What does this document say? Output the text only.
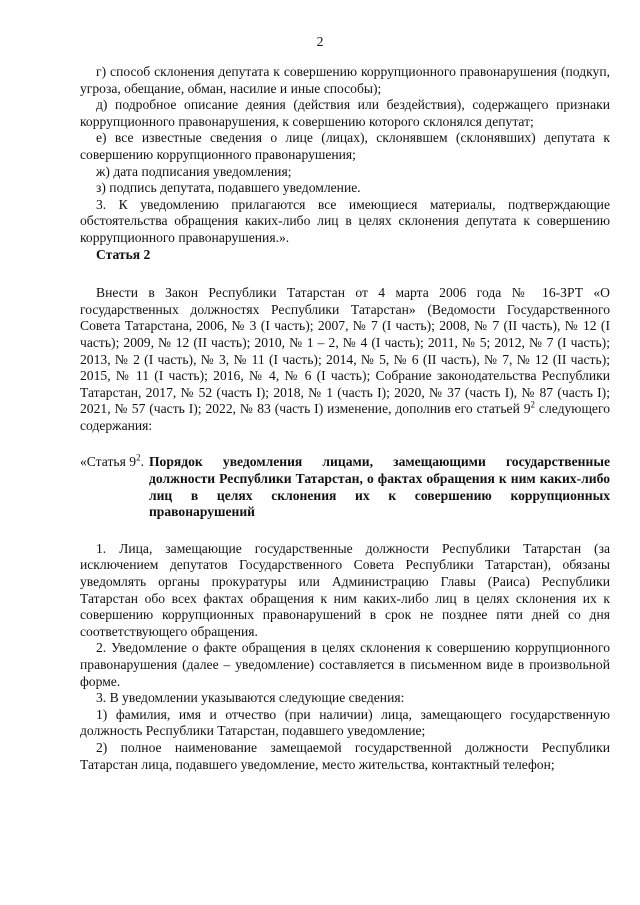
2

г) способ склонения депутата к совершению коррупционного правонарушения (подкуп, угроза, обещание, обман, насилие и иные способы);

д) подробное описание деяния (действия или бездействия), содержащего признаки коррупционного правонарушения, к совершению которого склонялся депутат;

е) все известные сведения о лице (лицах), склонявшем (склонявших) депутата к совершению коррупционного правонарушения;

ж) дата подписания уведомления;

з) подпись депутата, подавшего уведомление.

3. К уведомлению прилагаются все имеющиеся материалы, подтверждающие обстоятельства обращения каких-либо лиц в целях склонения депутата к совершению коррупционного правонарушения.».

Статья 2

Внести в Закон Республики Татарстан от 4 марта 2006 года № 16-ЗРТ «О государственных должностях Республики Татарстан» (Ведомости Государственного Совета Татарстана, 2006, № 3 (I часть); 2007, № 7 (I часть); 2008, № 7 (II часть), № 12 (I часть); 2009, № 12 (II часть); 2010, № 1 – 2, № 4 (I часть); 2011, № 5; 2012, № 7 (I часть); 2013, № 2 (I часть), № 3, № 11 (I часть); 2014, № 5, № 6 (II часть), № 7, № 12 (II часть); 2015, № 11 (I часть); 2016, № 4, № 6 (I часть); Собрание законодательства Республики Татарстан, 2017, № 52 (часть I); 2018, № 1 (часть I); 2020, № 37 (часть I), № 87 (часть I); 2021, № 57 (часть I); 2022, № 83 (часть I) изменение, дополнив его статьей $9^2$ следующего содержания:

«Статья $9^2$. Порядок уведомления лицами, замещающими государственные должности Республики Татарстан, о фактах обращения к ним каких-либо лиц в целях склонения их к совершению коррупционных правонарушений

1. Лица, замещающие государственные должности Республики Татарстан (за исключением депутатов Государственного Совета Республики Татарстан), обязаны уведомлять органы прокуратуры или Администрацию Главы (Раиса) Республики Татарстан обо всех фактах обращения к ним каких-либо лиц в целях склонения их к совершению коррупционных правонарушений в срок не позднее пяти дней со дня соответствующего обращения.

2. Уведомление о факте обращения в целях склонения к совершению коррупционного правонарушения (далее – уведомление) составляется в письменном виде в произвольной форме.

3. В уведомлении указываются следующие сведения:

1) фамилия, имя и отчество (при наличии) лица, замещающего государственную должность Республики Татарстан, подавшего уведомление;

2) полное наименование замещаемой государственной должности Республики Татарстан лица, подавшего уведомление, место жительства, контактный телефон;
